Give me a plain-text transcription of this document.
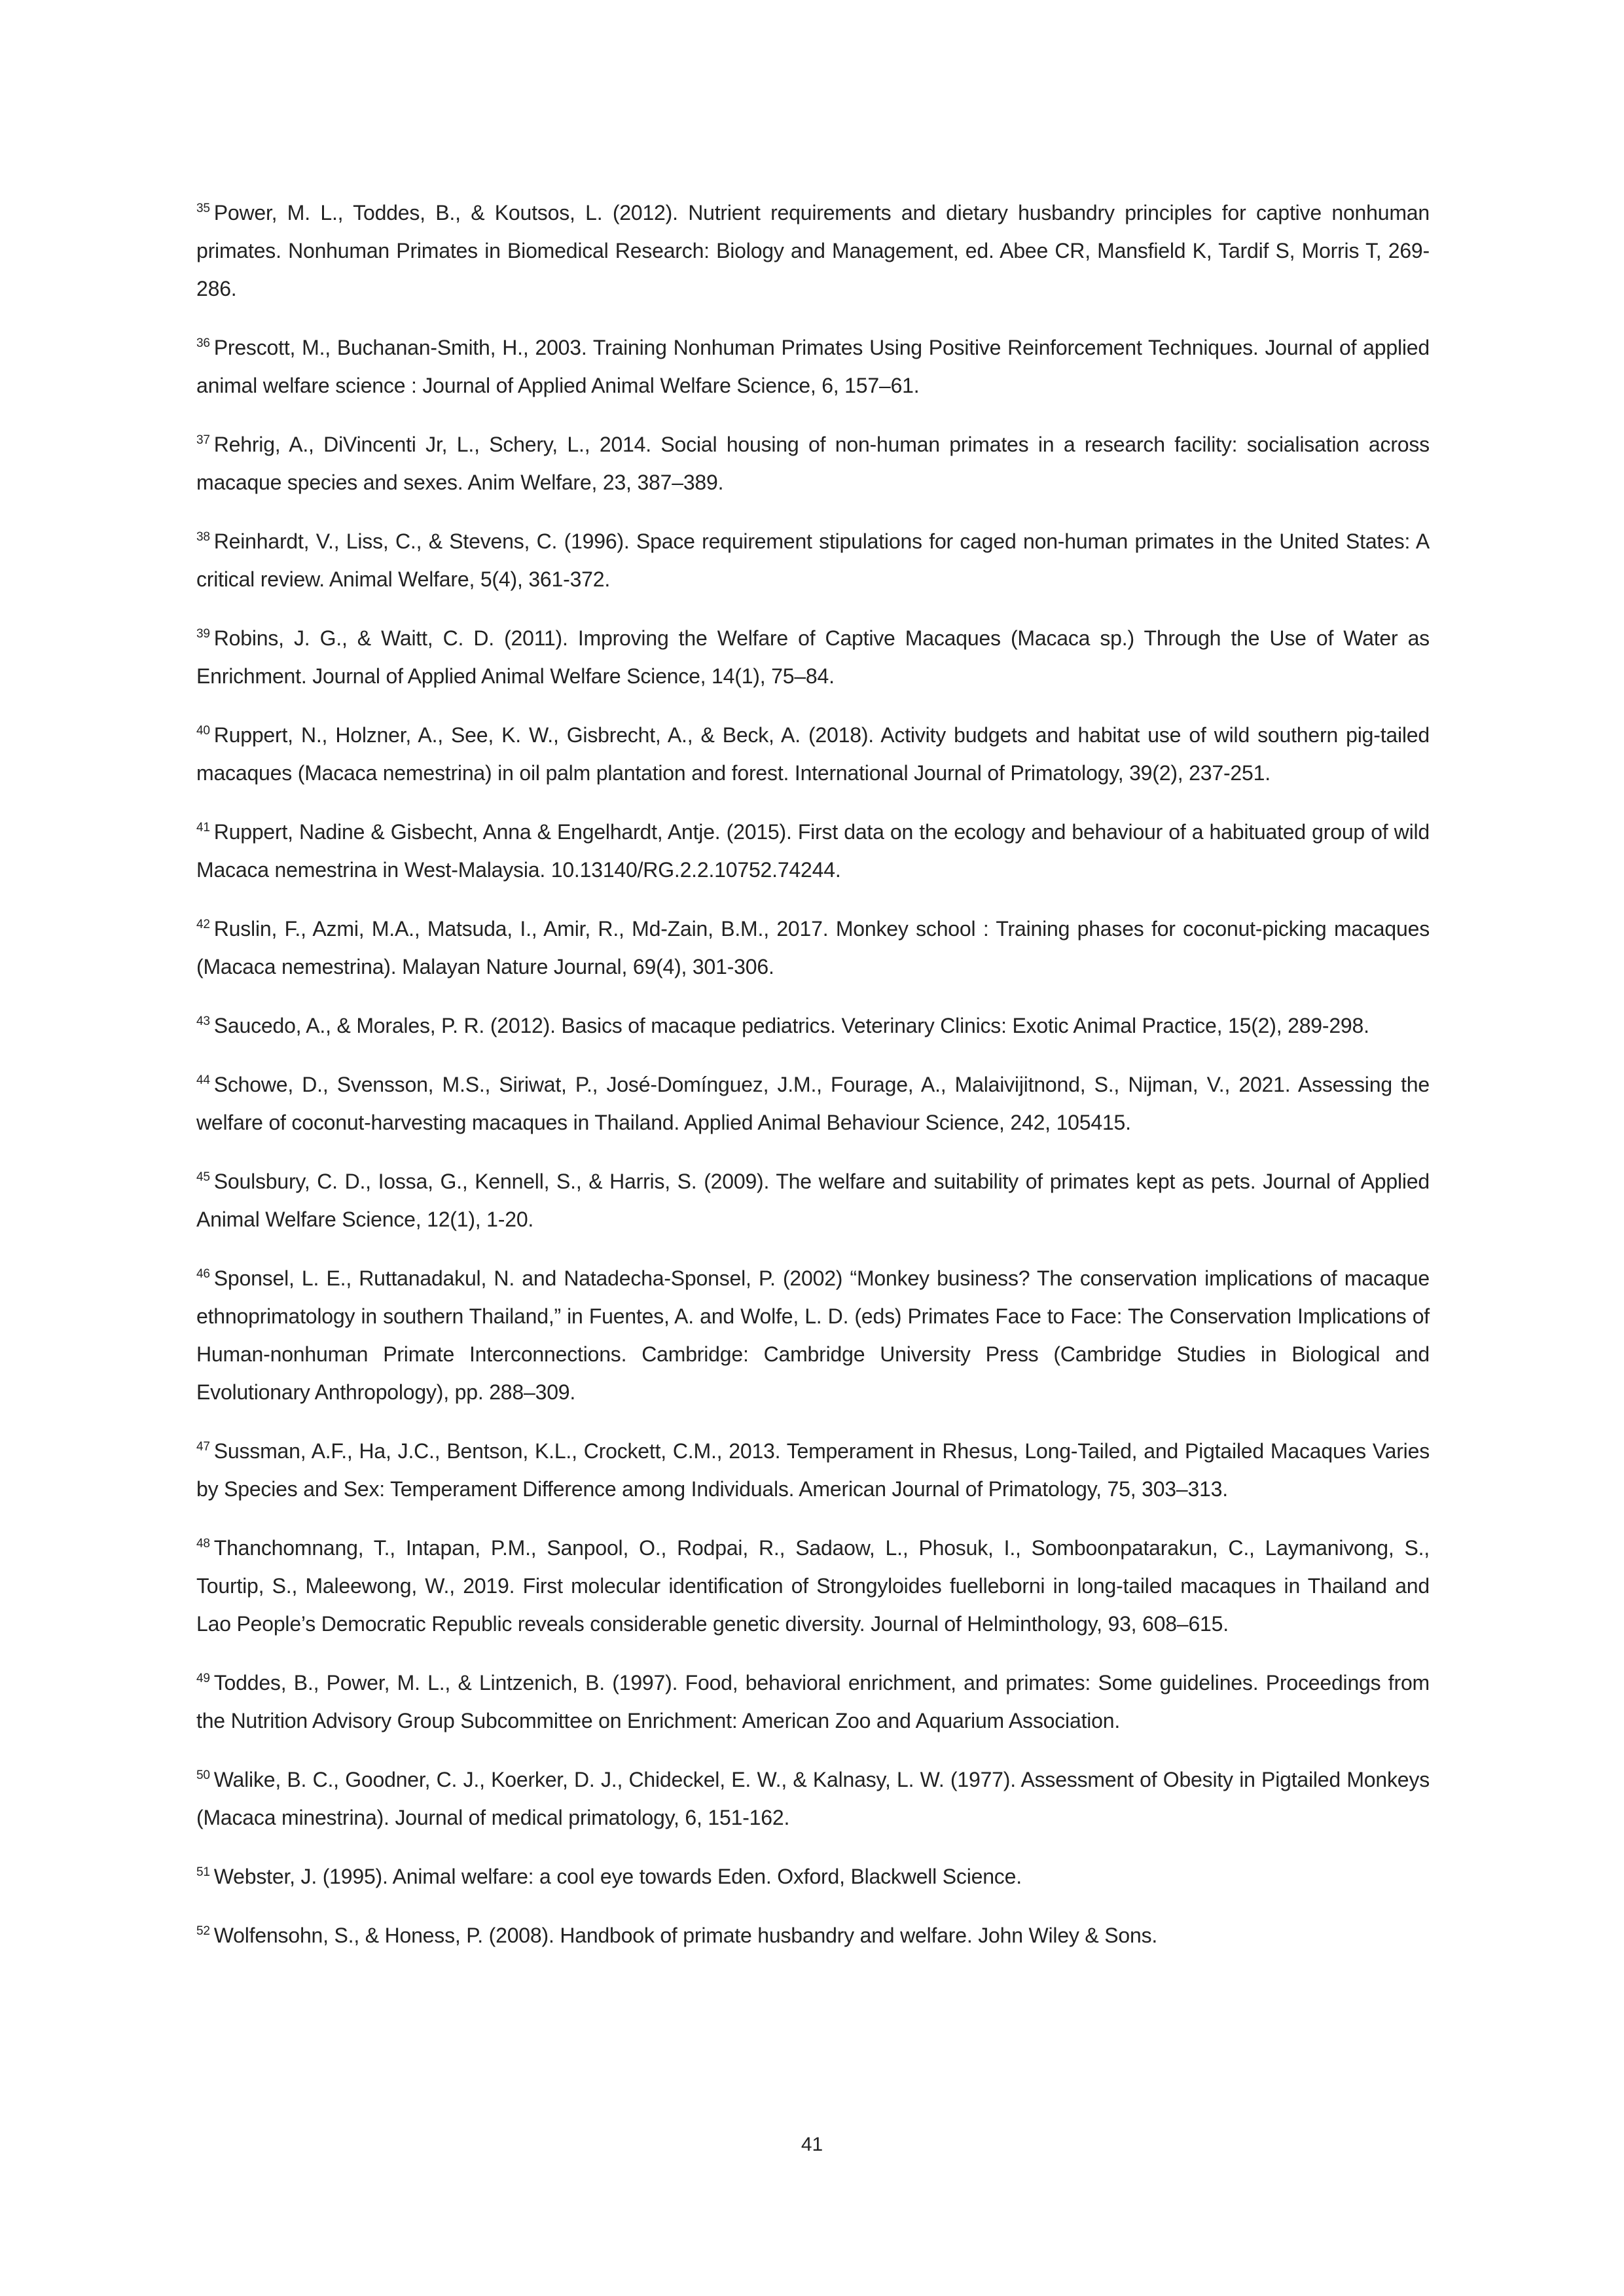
$^{35}$ Power, M. L., Toddes, B., & Koutsos, L. (2012). Nutrient requirements and dietary husbandry principles for captive nonhuman primates. Nonhuman Primates in Biomedical Research: Biology and Management, ed. Abee CR, Mansfield K, Tardif S, Morris T, 269-286.
$^{36}$ Prescott, M., Buchanan-Smith, H., 2003. Training Nonhuman Primates Using Positive Reinforcement Techniques. Journal of applied animal welfare science : Journal of Applied Animal Welfare Science, 6, 157–61.
$^{37}$ Rehrig, A., DiVincenti Jr, L., Schery, L., 2014. Social housing of non-human primates in a research facility: socialisation across macaque species and sexes. Anim Welfare, 23, 387–389.
$^{38}$ Reinhardt, V., Liss, C., & Stevens, C. (1996). Space requirement stipulations for caged non-human primates in the United States: A critical review. Animal Welfare, 5(4), 361-372.
$^{39}$ Robins, J. G., & Waitt, C. D. (2011). Improving the Welfare of Captive Macaques (Macaca sp.) Through the Use of Water as Enrichment. Journal of Applied Animal Welfare Science, 14(1), 75–84.
$^{40}$ Ruppert, N., Holzner, A., See, K. W., Gisbrecht, A., & Beck, A. (2018). Activity budgets and habitat use of wild southern pig-tailed macaques (Macaca nemestrina) in oil palm plantation and forest. International Journal of Primatology, 39(2), 237-251.
$^{41}$ Ruppert, Nadine & Gisbecht, Anna & Engelhardt, Antje. (2015). First data on the ecology and behaviour of a habituated group of wild Macaca nemestrina in West-Malaysia. 10.13140/RG.2.2.10752.74244.
$^{42}$ Ruslin, F., Azmi, M.A., Matsuda, I., Amir, R., Md-Zain, B.M., 2017. Monkey school : Training phases for coconut-picking macaques (Macaca nemestrina). Malayan Nature Journal, 69(4), 301-306.
$^{43}$ Saucedo, A., & Morales, P. R. (2012). Basics of macaque pediatrics. Veterinary Clinics: Exotic Animal Practice, 15(2), 289-298.
$^{44}$ Schowe, D., Svensson, M.S., Siriwat, P., José-Domínguez, J.M., Fourage, A., Malaivijitnond, S., Nijman, V., 2021. Assessing the welfare of coconut-harvesting macaques in Thailand. Applied Animal Behaviour Science, 242, 105415.
$^{45}$ Soulsbury, C. D., Iossa, G., Kennell, S., & Harris, S. (2009). The welfare and suitability of primates kept as pets. Journal of Applied Animal Welfare Science, 12(1), 1-20.
$^{46}$ Sponsel, L. E., Ruttanadakul, N. and Natadecha-Sponsel, P. (2002) “Monkey business? The conservation implications of macaque ethnoprimatology in southern Thailand,” in Fuentes, A. and Wolfe, L. D. (eds) Primates Face to Face: The Conservation Implications of Human-nonhuman Primate Interconnections. Cambridge: Cambridge University Press (Cambridge Studies in Biological and Evolutionary Anthropology), pp. 288–309.
$^{47}$ Sussman, A.F., Ha, J.C., Bentson, K.L., Crockett, C.M., 2013. Temperament in Rhesus, Long-Tailed, and Pigtailed Macaques Varies by Species and Sex: Temperament Difference among Individuals. American Journal of Primatology, 75, 303–313.
$^{48}$ Thanchomnang, T., Intapan, P.M., Sanpool, O., Rodpai, R., Sadaow, L., Phosuk, I., Somboonpatarakun, C., Laymanivong, S., Tourtip, S., Maleewong, W., 2019. First molecular identification of Strongyloides fuelleborni in long-tailed macaques in Thailand and Lao People’s Democratic Republic reveals considerable genetic diversity. Journal of Helminthology, 93, 608–615.
$^{49}$ Toddes, B., Power, M. L., & Lintzenich, B. (1997). Food, behavioral enrichment, and primates: Some guidelines. Proceedings from the Nutrition Advisory Group Subcommittee on Enrichment: American Zoo and Aquarium Association.
$^{50}$ Walike, B. C., Goodner, C. J., Koerker, D. J., Chideckel, E. W., & Kalnasy, L. W. (1977). Assessment of Obesity in Pigtailed Monkeys (Macaca minestrina). Journal of medical primatology, 6, 151-162.
$^{51}$ Webster, J. (1995). Animal welfare: a cool eye towards Eden. Oxford, Blackwell Science.
$^{52}$ Wolfensohn, S., & Honess, P. (2008). Handbook of primate husbandry and welfare. John Wiley & Sons.
41
